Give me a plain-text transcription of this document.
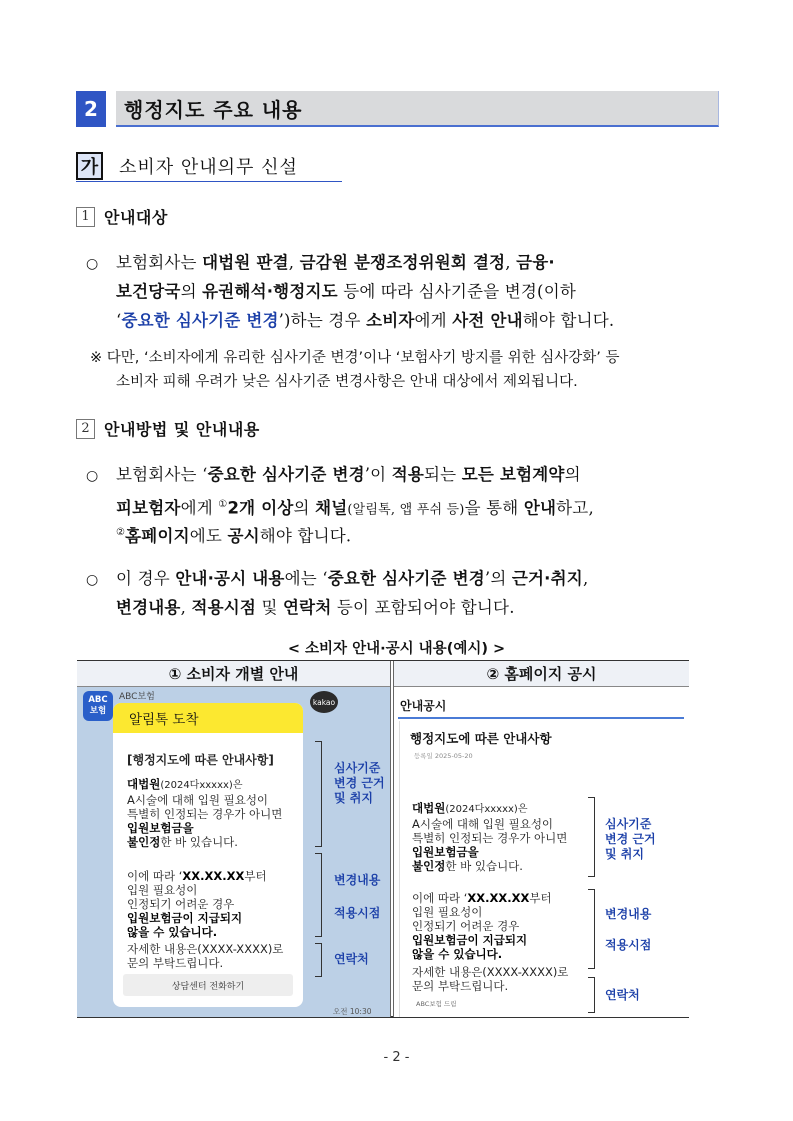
2	행정지도 주요 내용
가 소비자 안내의무 신설
1 안내대상
○ 보험회사는 대법원 판결, 금감원 분쟁조정위원회 결정, 금융·
보건당국의 유권해석·행정지도 등에 따라 심사기준을 변경(이하
‘중요한 심사기준 변경’)하는 경우 소비자에게 사전 안내해야 합니다.
※ 다만, ‘소비자에게 유리한 심사기준 변경’이나 ‘보험사기 방지를 위한 심사강화’ 등
소비자 피해 우려가 낮은 심사기준 변경사항은 안내 대상에서 제외됩니다.
2 안내방법 및 안내내용
○ 보험회사는 ‘중요한 심사기준 변경’이 적용되는 모든 보험계약의
피보험자에게 ①2개 이상의 채널(알림톡, 앱 푸쉬 등)을 통해 안내하고,
②홈페이지에도 공시해야 합니다.
○ 이 경우 안내·공시 내용에는 ‘중요한 심사기준 변경’의 근거·취지,
변경내용, 적용시점 및 연락처 등이 포함되어야 합니다.
< 소비자 안내·공시 내용(예시) >
① 소비자 개별 안내	② 홈페이지 공시
ABC
보험
ABC보험	kakao
알림톡 도착
[행정지도에 따른 안내사항]
대법원(2024다xxxxx)은
A시술에 대해 입원 필요성이
특별히 인정되는 경우가 아니면
입원보험금을
불인정한 바 있습니다.
이에 따라 ‘XX.XX.XX부터
입원 필요성이
인정되기 어려운 경우
입원보험금이 지급되지
않을 수 있습니다.
자세한 내용은(XXXX-XXXX)로
문의 부탁드립니다.
상담센터 전화하기
오전 10:30
심사기준
변경 근거
및 취지
변경내용
적용시점
연락처
안내공시
행정지도에 따른 안내사항
등록일 2025-05-20
대법원(2024다xxxxx)은
A시술에 대해 입원 필요성이
특별히 인정되는 경우가 아니면
입원보험금을
불인정한 바 있습니다.
이에 따라 ‘XX.XX.XX부터
입원 필요성이
인정되기 어려운 경우
입원보험금이 지급되지
않을 수 있습니다.
자세한 내용은(XXXX-XXXX)로
문의 부탁드립니다.
ABC보험 드림
심사기준
변경 근거
및 취지
변경내용
적용시점
연락처
- 2 -
